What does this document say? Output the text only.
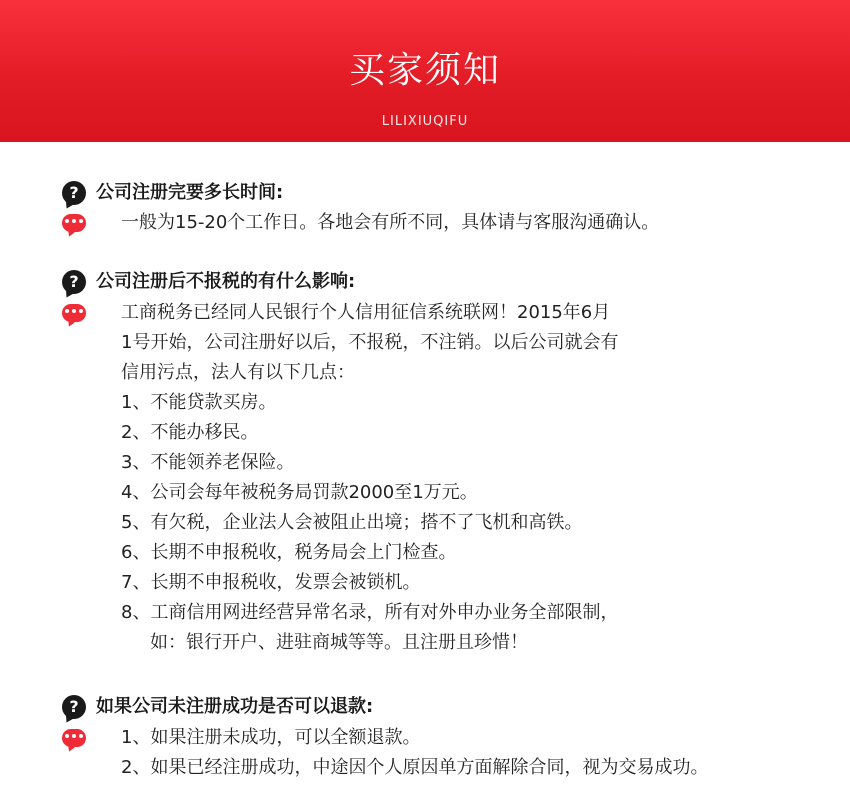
买家须知
LILIXIUQIFU
? 公司注册完要多长时间:
一般为15-20个工作日。各地会有所不同，具体请与客服沟通确认。
? 公司注册后不报税的有什么影响:
工商税务已经同人民银行个人信用征信系统联网！2015年6月
1号开始，公司注册好以后，不报税，不注销。以后公司就会有
信用污点，法人有以下几点：
1、不能贷款买房。
2、不能办移民。
3、不能领养老保险。
4、公司会每年被税务局罚款2000至1万元。
5、有欠税，企业法人会被阻止出境；搭不了飞机和高铁。
6、长期不申报税收，税务局会上门检查。
7、长期不申报税收，发票会被锁机。
8、工商信用网进经营异常名录，所有对外申办业务全部限制，
如：银行开户、进驻商城等等。且注册且珍惜！
? 如果公司未注册成功是否可以退款:
1、如果注册未成功，可以全额退款。
2、如果已经注册成功，中途因个人原因单方面解除合同，视为交易成功。
